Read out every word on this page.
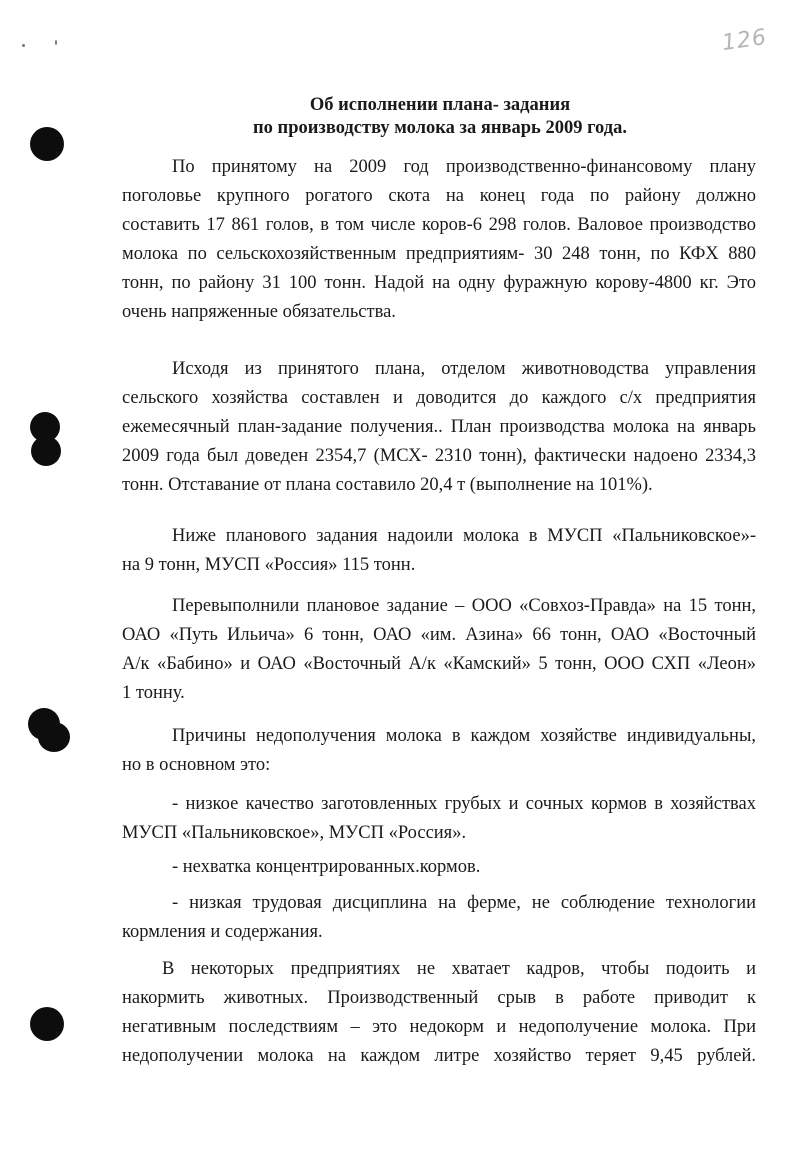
126
Об исполнении плана- задания
по производству молока за январь 2009 года.
По принятому на 2009 год производственно-финансовому плану
поголовье крупного рогатого скота на конец года по району должно
составить 17 861 голов, в том числе коров-6 298 голов. Валовое производство
молока по сельскохозяйственным предприятиям- 30 248 тонн, по КФХ 880
тонн, по району 31 100 тонн. Надой на одну фуражную корову-4800 кг. Это
очень напряженные обязательства.
Исходя из принятого плана, отделом животноводства управления
сельского хозяйства составлен и доводится до каждого с/х предприятия
ежемесячный план-задание получения.. План производства молока на январь
2009 года был доведен 2354,7 (МСХ- 2310 тонн), фактически надоено 2334,3
тонн. Отставание от плана составило 20,4 т (выполнение на 101%).
Ниже планового задания надоили молока в МУСП «Пальниковское»-
на 9 тонн, МУСП «Россия» 115 тонн.
Перевыполнили плановое задание – ООО «Совхоз-Правда» на 15 тонн,
ОАО «Путь Ильича» 6 тонн, ОАО «им. Азина» 66 тонн, ОАО «Восточный
А/к «Бабино» и ОАО «Восточный А/к «Камский» 5 тонн, ООО СХП «Леон»
1 тонну.
Причины недополучения молока в каждом хозяйстве индивидуальны,
но в основном это:
- низкое качество заготовленных грубых и сочных кормов в хозяйствах
МУСП «Пальниковское», МУСП «Россия».
- нехватка концентрированных.кормов.
- низкая трудовая дисциплина на ферме, не соблюдение технологии
кормления и содержания.
В некоторых предприятиях не хватает кадров, чтобы подоить и
накормить животных. Производственный срыв в работе приводит к
негативным последствиям – это недокорм и недополучение молока. При
недополучении молока на каждом литре хозяйство теряет 9,45 рублей.
